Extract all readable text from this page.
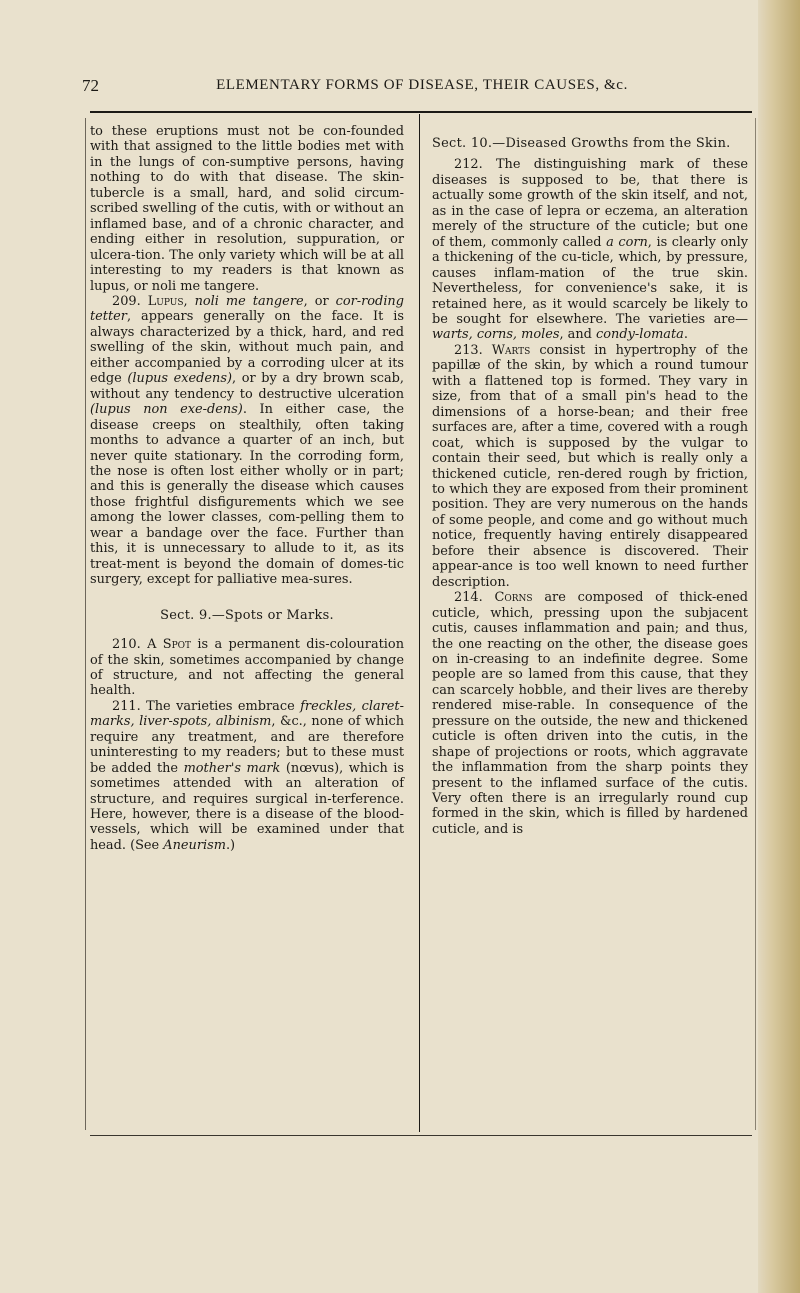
72	ELEMENTARY FORMS OF DISEASE, THEIR CAUSES, &c.

to these eruptions must not be con-founded with that assigned to the little bodies met with in the lungs of con-sumptive persons, having nothing to do with that disease. The skin-tubercle is a small, hard, and solid circum-scribed swelling of the cutis, with or without an inflamed base, and of a chronic character, and ending either in resolution, suppuration, or ulcera-tion. The only variety which will be at all interesting to my readers is that known as lupus, or noli me tangere.

209. Lupus, noli me tangere, or cor-roding tetter, appears generally on the face. It is always characterized by a thick, hard, and red swelling of the skin, without much pain, and either accompanied by a corroding ulcer at its edge (lupus exedens), or by a dry brown scab, without any tendency to destructive ulceration (lupus non exe-dens). In either case, the disease creeps on stealthily, often taking months to advance a quarter of an inch, but never quite stationary. In the corroding form, the nose is often lost either wholly or in part; and this is generally the disease which causes those frightful disfigurements which we see among the lower classes, com-pelling them to wear a bandage over the face. Further than this, it is unnecessary to allude to it, as its treat-ment is beyond the domain of domes-tic surgery, except for palliative mea-sures.

Sect. 9.—Spots or Marks.

210. A Spot is a permanent dis-colouration of the skin, sometimes accompanied by change of structure, and not affecting the general health.

211. The varieties embrace freckles, claret-marks, liver-spots, albinism, &c., none of which require any treatment, and are therefore uninteresting to my readers; but to these must be added the mother's mark (nœvus), which is sometimes attended with an alteration of structure, and requires surgical in-terference. Here, however, there is a disease of the blood-vessels, which will be examined under that head. (See Aneurism.)

Sect. 10.—Diseased Growths from the Skin.

212. The distinguishing mark of these diseases is supposed to be, that there is actually some growth of the skin itself, and not, as in the case of lepra or eczema, an alteration merely of the structure of the cuticle; but one of them, commonly called a corn, is clearly only a thickening of the cu-ticle, which, by pressure, causes inflam-mation of the true skin. Nevertheless, for convenience's sake, it is retained here, as it would scarcely be likely to be sought for elsewhere. The varieties are—warts, corns, moles, and condy-lomata.

213. Warts consist in hypertrophy of the papillæ of the skin, by which a round tumour with a flattened top is formed. They vary in size, from that of a small pin's head to the dimensions of a horse-bean; and their free surfaces are, after a time, covered with a rough coat, which is supposed by the vulgar to contain their seed, but which is really only a thickened cuticle, ren-dered rough by friction, to which they are exposed from their prominent position. They are very numerous on the hands of some people, and come and go without much notice, frequently having entirely disappeared before their absence is discovered. Their appear-ance is too well known to need further description.

214. Corns are composed of thick-ened cuticle, which, pressing upon the subjacent cutis, causes inflammation and pain; and thus, the one reacting on the other, the disease goes on in-creasing to an indefinite degree. Some people are so lamed from this cause, that they can scarcely hobble, and their lives are thereby rendered mise-rable. In consequence of the pressure on the outside, the new and thickened cuticle is often driven into the cutis, in the shape of projections or roots, which aggravate the inflammation from the sharp points they present to the inflamed surface of the cutis. Very often there is an irregularly round cup formed in the skin, which is filled by hardened cuticle, and is
